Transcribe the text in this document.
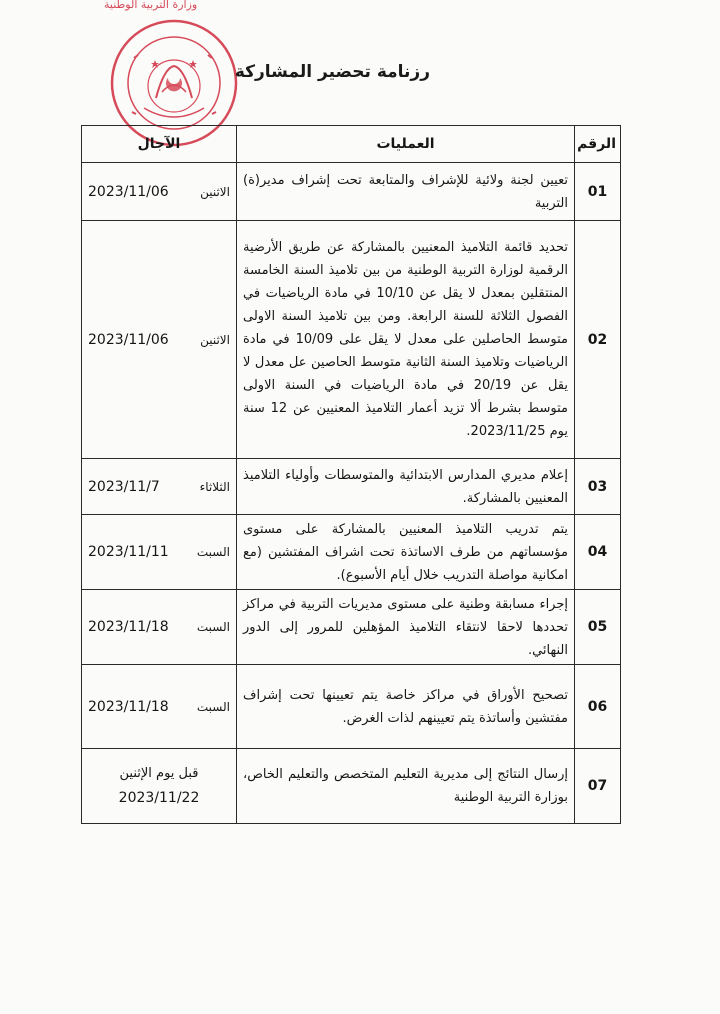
وزارة التربية الوطنية
رزنامة تحضير المشاركة
الرقم	العمليات	الآجال
01	تعيين لجنة ولائية للإشراف والمتابعة تحت إشراف مدير(ة) التربية	الاثنين
2023/11/06

02	تحديد قائمة التلاميذ المعنيين بالمشاركة عن طريق الأرضية الرقمية لوزارة التربية الوطنية من بين تلاميذ السنة الخامسة المنتقلين بمعدل لا يقل عن 10/10 في مادة الرياضيات في الفصول الثلاثة للسنة الرابعة. ومن بين تلاميذ السنة الاولى متوسط الحاصلين على معدل لا يقل على 10/09 في مادة الرياضيات وتلاميذ السنة الثانية متوسط الحاصين عل معدل لا يقل عن 20/19 في مادة الرياضيات في السنة الاولى متوسط بشرط ألا تزيد أعمار التلاميذ المعنيين عن 12 سنة يوم 2023/11/25.	الاثنين
2023/11/06

03	إعلام مديري المدارس الابتدائية والمتوسطات وأولياء التلاميذ المعنيين بالمشاركة.	الثلاثاء
2023/11/7

04	يتم تدريب التلاميذ المعنيين بالمشاركة على مستوى مؤسساتهم من طرف الاساتذة تحت اشراف المفتشين (مع امكانية مواصلة التدريب خلال أيام الأسبوع).	السبت
2023/11/11

05	إجراء مسابقة وطنية على مستوى مديريات التربية في مراكز تحددها لاحقا لانتقاء التلاميذ المؤهلين للمرور إلى الدور النهائي.	السبت
2023/11/18

06	تصحيح الأوراق في مراكز خاصة يتم تعيينها تحت إشراف مفتشين وأساتذة يتم تعيينهم لذات الغرض.	السبت
2023/11/18

07	إرسال النتائج إلى مديرية التعليم المتخصص والتعليم الخاص، بوزارة التربية الوطنية	قبل يوم الإثنين
2023/11/22
